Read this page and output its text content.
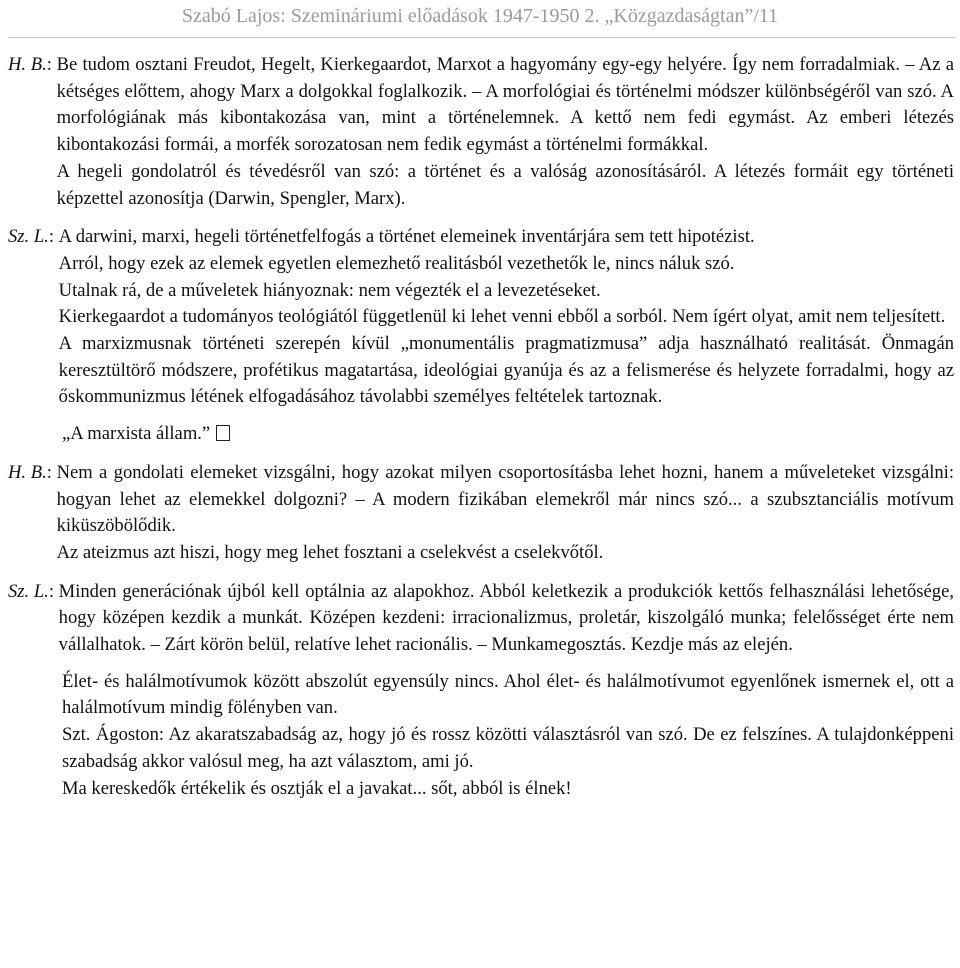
Szabó Lajos: Szemináriumi előadások 1947-1950 2. „Közgazdaságtan”/11
H. B.: Be tudom osztani Freudot, Hegelt, Kierkegaardot, Marxot a hagyomány egy-egy helyére. Így nem forradalmiak. – Az a kétséges előttem, ahogy Marx a dolgokkal foglalkozik. – A morfológiai és történelmi módszer különbségéről van szó. A morfológiának más kibontakozása van, mint a történelemnek. A kettő nem fedi egymást. Az emberi létezés kibontakozási formái, a morfék sorozatosan nem fedik egymást a történelmi formákkal.

A hegeli gondolatról és tévedésről van szó: a történet és a valóság azonosításáról. A létezés formáit egy történeti képzettel azonosítja (Darwin, Spengler, Marx).

Sz. L.: A darwini, marxi, hegeli történetfelfogás a történet elemeinek inventárjára sem tett hipotézist.

Arról, hogy ezek az elemek egyetlen elemezhető realitásból vezethetők le, nincs náluk szó.

Utalnak rá, de a műveletek hiányoznak: nem végezték el a levezetéseket.

Kierkegaardot a tudományos teológiától függetlenül ki lehet venni ebből a sorból. Nem ígért olyat, amit nem teljesített.

A marxizmusnak történeti szerepén kívül „monumentális pragmatizmusa” adja használható realitását. Önmagán keresztültörő módszere, profétikus magatartása, ideológiai gyanúja és az a felismerése és helyzete forradalmi, hogy az őskommunizmus létének elfogadásához távolabbi személyes feltételek tartoznak.

„A marxista állam.”

H. B.: Nem a gondolati elemeket vizsgálni, hogy azokat milyen csoportosításba lehet hozni, hanem a műveleteket vizsgálni: hogyan lehet az elemekkel dolgozni? – A modern fizikában elemekről már nincs szó... a szubsztanciális motívum kiküszöbölődik.

Az ateizmus azt hiszi, hogy meg lehet fosztani a cselekvést a cselekvőtől.

Sz. L.: Minden generációnak újból kell optálnia az alapokhoz. Abból keletkezik a produkciók kettős felhasználási lehetősége, hogy középen kezdik a munkát. Középen kezdeni: irracionalizmus, proletár, kiszolgáló munka; felelősséget érte nem vállalhatok. – Zárt körön belül, relatíve lehet racionális. – Munkamegosztás. Kezdje más az elején.

Élet- és halálmotívumok között abszolút egyensúly nincs. Ahol élet- és halálmotívumot egyenlőnek ismernek el, ott a halálmotívum mindig fölényben van.

Szt. Ágoston: Az akaratszabadság az, hogy jó és rossz közötti választásról van szó. De ez felszínes. A tulajdonképpeni szabadság akkor valósul meg, ha azt választom, ami jó.

Ma kereskedők értékelik és osztják el a javakat... sőt, abból is élnek!
